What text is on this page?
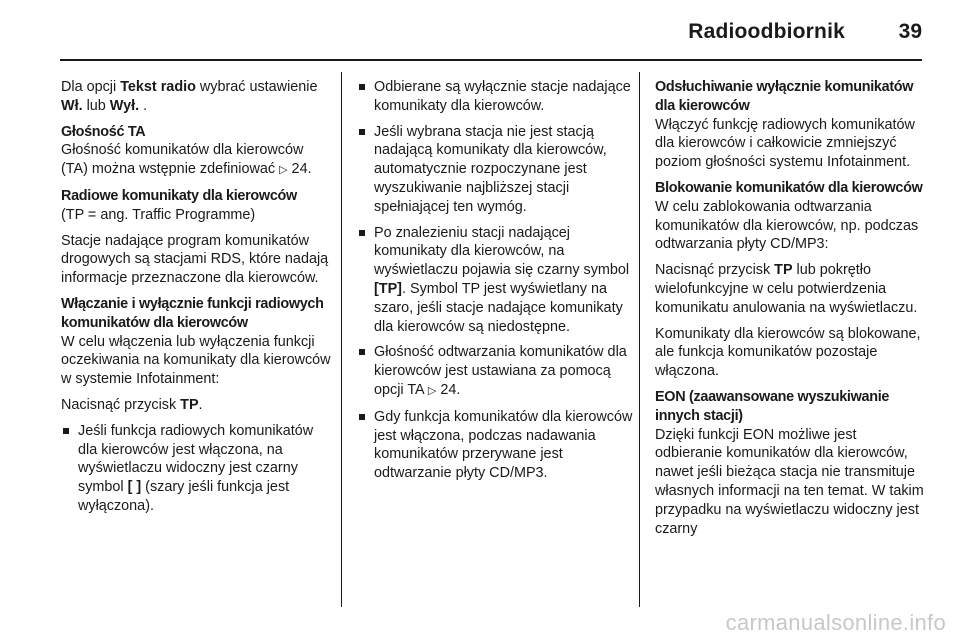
Radioodbiornik	39

Dla opcji Tekst radio wybrać ustawienie Wł. lub Wył. .

Głośność TA
Głośność komunikatów dla kierowców (TA) można wstępnie zdefiniować ▷ 24.
Radiowe komunikaty dla kierowców

(TP = ang. Traffic Programme)

Stacje nadające program komunikatów drogowych są stacjami RDS, które nadają informacje przeznaczone dla kierowców.

Włączanie i wyłącznie funkcji radiowych komunikatów dla kierowców

W celu włączenia lub wyłączenia funkcji oczekiwania na komunikaty dla kierowców w systemie Infotainment:

Nacisnąć przycisk TP.

Jeśli funkcja radiowych komunikatów dla kierowców jest włączona, na wyświetlaczu widoczny jest czarny symbol [ ] (szary jeśli funkcja jest wyłączona).
Odbierane są wyłącznie stacje nadające komunikaty dla kierowców.
Jeśli wybrana stacja nie jest stacją nadającą komunikaty dla kierowców, automatycznie rozpoczynane jest wyszukiwanie najbliższej stacji spełniającej ten wymóg.
Po znalezieniu stacji nadającej komunikaty dla kierowców, na wyświetlaczu pojawia się czarny symbol [TP]. Symbol TP jest wyświetlany na szaro, jeśli stacje nadające komunikaty dla kierowców są niedostępne.
Głośność odtwarzania komunikatów dla kierowców jest ustawiana za pomocą opcji TA ▷ 24.
Gdy funkcja komunikatów dla kierowców jest włączona, podczas nadawania komunikatów przerywane jest odtwarzanie płyty CD/MP3.
Odsłuchiwanie wyłącznie komunikatów dla kierowców
Włączyć funkcję radiowych komunikatów dla kierowców i całkowicie zmniejszyć poziom głośności systemu Infotainment.
Blokowanie komunikatów dla kierowców

W celu zablokowania odtwarzania komunikatów dla kierowców, np. podczas odtwarzania płyty CD/MP3:

Nacisnąć przycisk TP lub pokrętło wielofunkcyjne w celu potwierdzenia komunikatu anulowania na wyświetlaczu.

Komunikaty dla kierowców są blokowane, ale funkcja komunikatów pozostaje włączona.

EON (zaawansowane wyszukiwanie innych stacji)
Dzięki funkcji EON możliwe jest odbieranie komunikatów dla kierowców, nawet jeśli bieżąca stacja nie transmituje własnych informacji na ten temat. W takim przypadku na wyświetlaczu widoczny jest czarny
carmanualsonline.info
